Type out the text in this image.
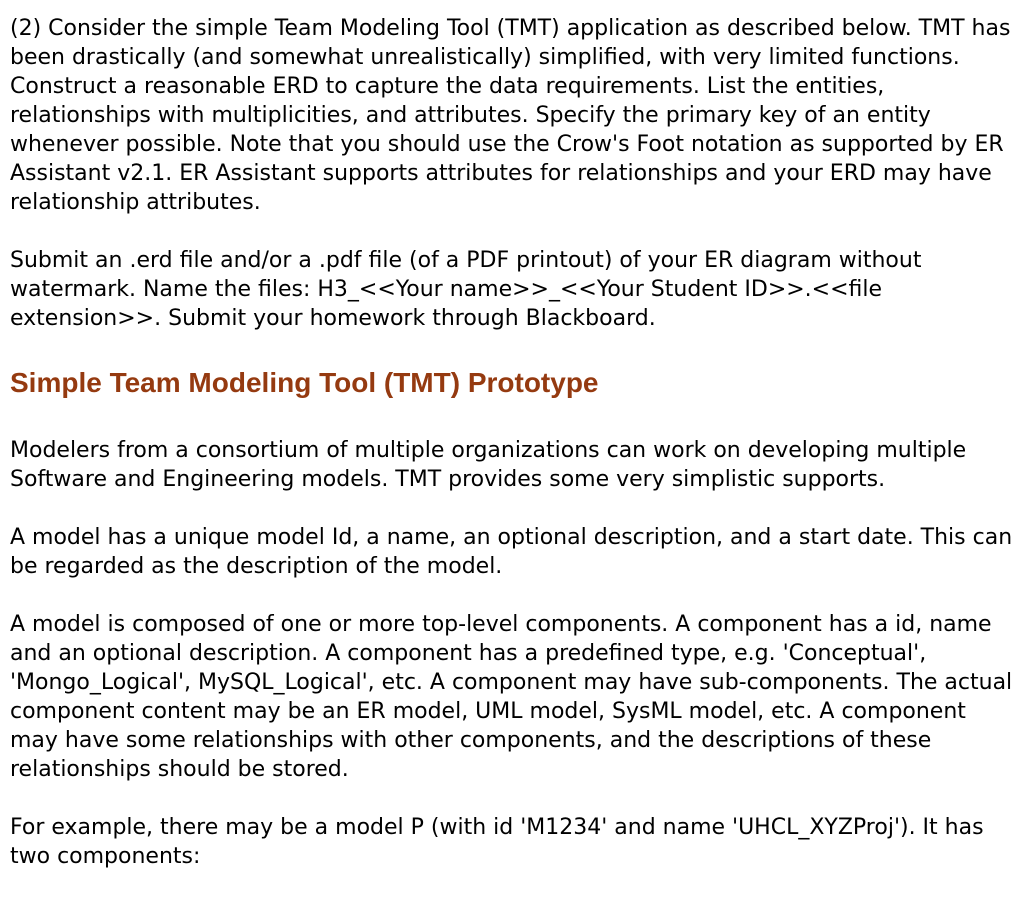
(2) Consider the simple Team Modeling Tool (TMT) application as described below. TMT has been drastically (and somewhat unrealistically) simplified, with very limited functions. Construct a reasonable ERD to capture the data requirements. List the entities, relationships with multiplicities, and attributes. Specify the primary key of an entity whenever possible. Note that you should use the Crow's Foot notation as supported by ER Assistant v2.1. ER Assistant supports attributes for relationships and your ERD may have relationship attributes.

Submit an .erd file and/or a .pdf file (of a PDF printout) of your ER diagram without watermark. Name the files: H3_<<Your name>>_<<Your Student ID>>.<<file extension>>. Submit your homework through Blackboard.

Simple Team Modeling Tool (TMT) Prototype

Modelers from a consortium of multiple organizations can work on developing multiple Software and Engineering models. TMT provides some very simplistic supports.

A model has a unique model Id, a name, an optional description, and a start date. This can be regarded as the description of the model.

A model is composed of one or more top-level components. A component has a id, name and an optional description. A component has a predefined type, e.g. 'Conceptual', 'Mongo_Logical', MySQL_Logical', etc. A component may have sub-components. The actual component content may be an ER model, UML model, SysML model, etc. A component may have some relationships with other components, and the descriptions of these relationships should be stored.

For example, there may be a model P (with id 'M1234' and name 'UHCL_XYZProj'). It has two components:
